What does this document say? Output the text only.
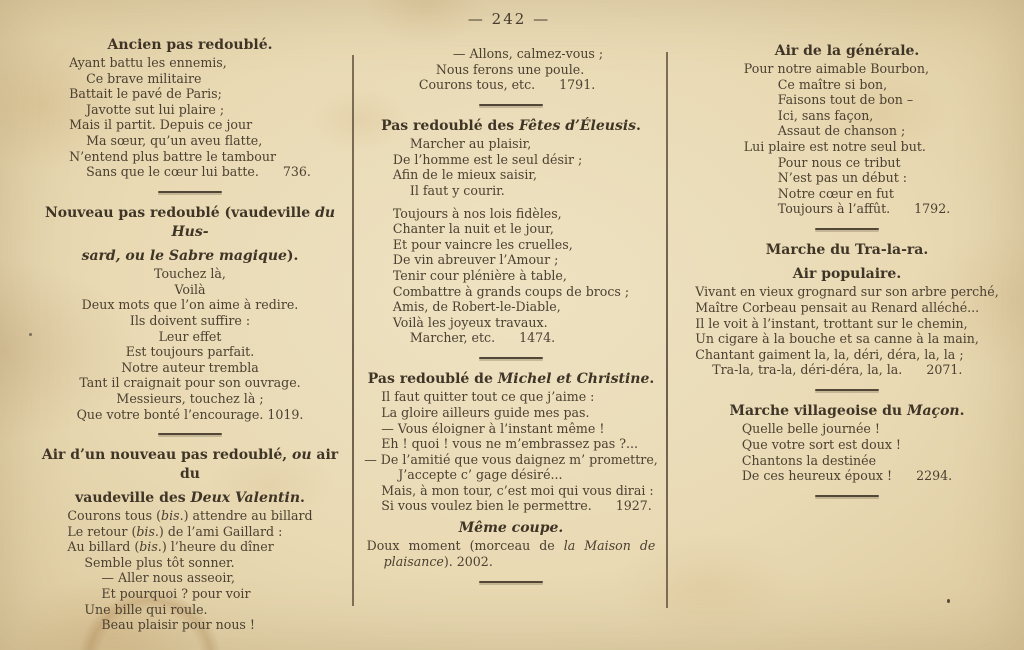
— 242 —
Ancien pas redoublé.
Ayant battu les ennemis,
Ce brave militaire
Battait le pavé de Paris;
Javotte sut lui plaire ;
Mais il partit. Depuis ce jour
Ma sœur, qu’un aveu flatte,
N’entend plus battre le tambour
Sans que le cœur lui batte. 736.
Nouveau pas redoublé (vaudeville du Hus-
sard, ou le Sabre magique).
Touchez là,
Voilà
Deux mots que l’on aime à redire.
Ils doivent suffire :
Leur effet
Est toujours parfait.
Notre auteur trembla
Tant il craignait pour son ouvrage.
Messieurs, touchez là ;
Que votre bonté l’encourage. 1019.
Air d’un nouveau pas redoublé, ou air du
vaudeville des Deux Valentin.
Courons tous (bis.) attendre au billard
Le retour (bis.) de l’ami Gaillard :
Au billard (bis.) l’heure du dîner
Semble plus tôt sonner.
— Aller nous asseoir,
Et pourquoi ? pour voir
Une bille qui roule.
Beau plaisir pour nous !
— Allons, calmez-vous ;
Nous ferons une poule.
Courons tous, etc. 1791.
Pas redoublé des Fêtes d’Éleusis.
Marcher au plaisir,
De l’homme est le seul désir ;
Afin de le mieux saisir,
Il faut y courir.
Toujours à nos lois fidèles,
Chanter la nuit et le jour,
Et pour vaincre les cruelles,
De vin abreuver l’Amour ;
Tenir cour plénière à table,
Combattre à grands coups de brocs ;
Amis, de Robert-le-Diable,
Voilà les joyeux travaux.
Marcher, etc. 1474.
Pas redoublé de Michel et Christine.
Il faut quitter tout ce que j’aime :
La gloire ailleurs guide mes pas.
— Vous éloigner à l’instant même !
Eh ! quoi ! vous ne m’embrassez pas ?...
— De l’amitié que vous daignez m’ promettre,
J’accepte c’ gage désiré...
Mais, à mon tour, c’est moi qui vous dirai :
Si vous voulez bien le permettre. 1927.
Même coupe.
Doux moment (morceau de la Maison de
plaisance). 2002.
Air de la générale.
Pour notre aimable Bourbon,
Ce maître si bon,
Faisons tout de bon –
Ici, sans façon,
Assaut de chanson ;
Lui plaire est notre seul but.
Pour nous ce tribut
N’est pas un début :
Notre cœur en fut
Toujours à l’affût. 1792.
Marche du Tra-la-ra.
Air populaire.
Vivant en vieux grognard sur son arbre perché,
Maître Corbeau pensait au Renard alléché...
Il le voit à l’instant, trottant sur le chemin,
Un cigare à la bouche et sa canne à la main,
Chantant gaiment la, la, déri, déra, la, la ;
Tra-la, tra-la, déri-déra, la, la. 2071.
Marche villageoise du Maçon.
Quelle belle journée !
Que votre sort est doux !
Chantons la destinée
De ces heureux époux ! 2294.
